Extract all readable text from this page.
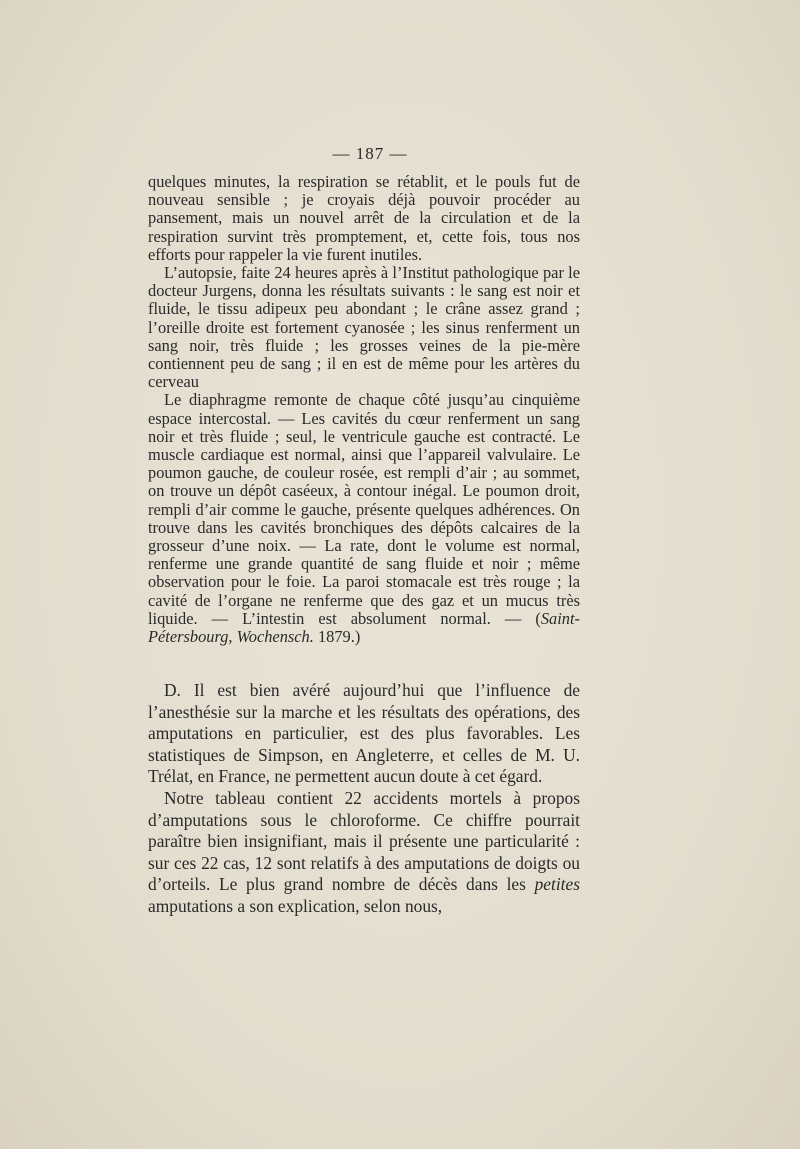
— 187 —

quelques minutes, la respiration se rétablit, et le pouls fut de nouveau sensible ; je croyais déjà pouvoir procéder au pansement, mais un nouvel arrêt de la circulation et de la respiration survint très promptement, et, cette fois, tous nos efforts pour rappeler la vie furent inutiles.

L’autopsie, faite 24 heures après à l’Institut pathologique par le docteur Jurgens, donna les résultats suivants : le sang est noir et fluide, le tissu adipeux peu abondant ; le crâne assez grand ; l’oreille droite est fortement cyanosée ; les sinus renferment un sang noir, très fluide ; les grosses veines de la pie-mère contiennent peu de sang ; il en est de même pour les artères du cerveau

Le diaphragme remonte de chaque côté jusqu’au cinquième espace intercostal. — Les cavités du cœur renferment un sang noir et très fluide ; seul, le ventricule gauche est contracté. Le muscle cardiaque est normal, ainsi que l’appareil valvulaire. Le poumon gauche, de couleur rosée, est rempli d’air ; au sommet, on trouve un dépôt caséeux, à contour inégal. Le poumon droit, rempli d’air comme le gauche, présente quelques adhérences. On trouve dans les cavités bronchiques des dépôts calcaires de la grosseur d’une noix. — La rate, dont le volume est normal, renferme une grande quantité de sang fluide et noir ; même observation pour le foie. La paroi stomacale est très rouge ; la cavité de l’organe ne renferme que des gaz et un mucus très liquide. — L’intestin est absolument normal. — (Saint-Pétersbourg, Wochensch. 1879.)

D. Il est bien avéré aujourd’hui que l’influence de l’anesthésie sur la marche et les résultats des opérations, des amputations en particulier, est des plus favorables. Les statistiques de Simpson, en Angleterre, et celles de M. U. Trélat, en France, ne permettent aucun doute à cet égard.

Notre tableau contient 22 accidents mortels à propos d’amputations sous le chloroforme. Ce chiffre pourrait paraître bien insignifiant, mais il présente une particularité : sur ces 22 cas, 12 sont relatifs à des amputations de doigts ou d’orteils. Le plus grand nombre de décès dans les petites amputations a son explication, selon nous,
